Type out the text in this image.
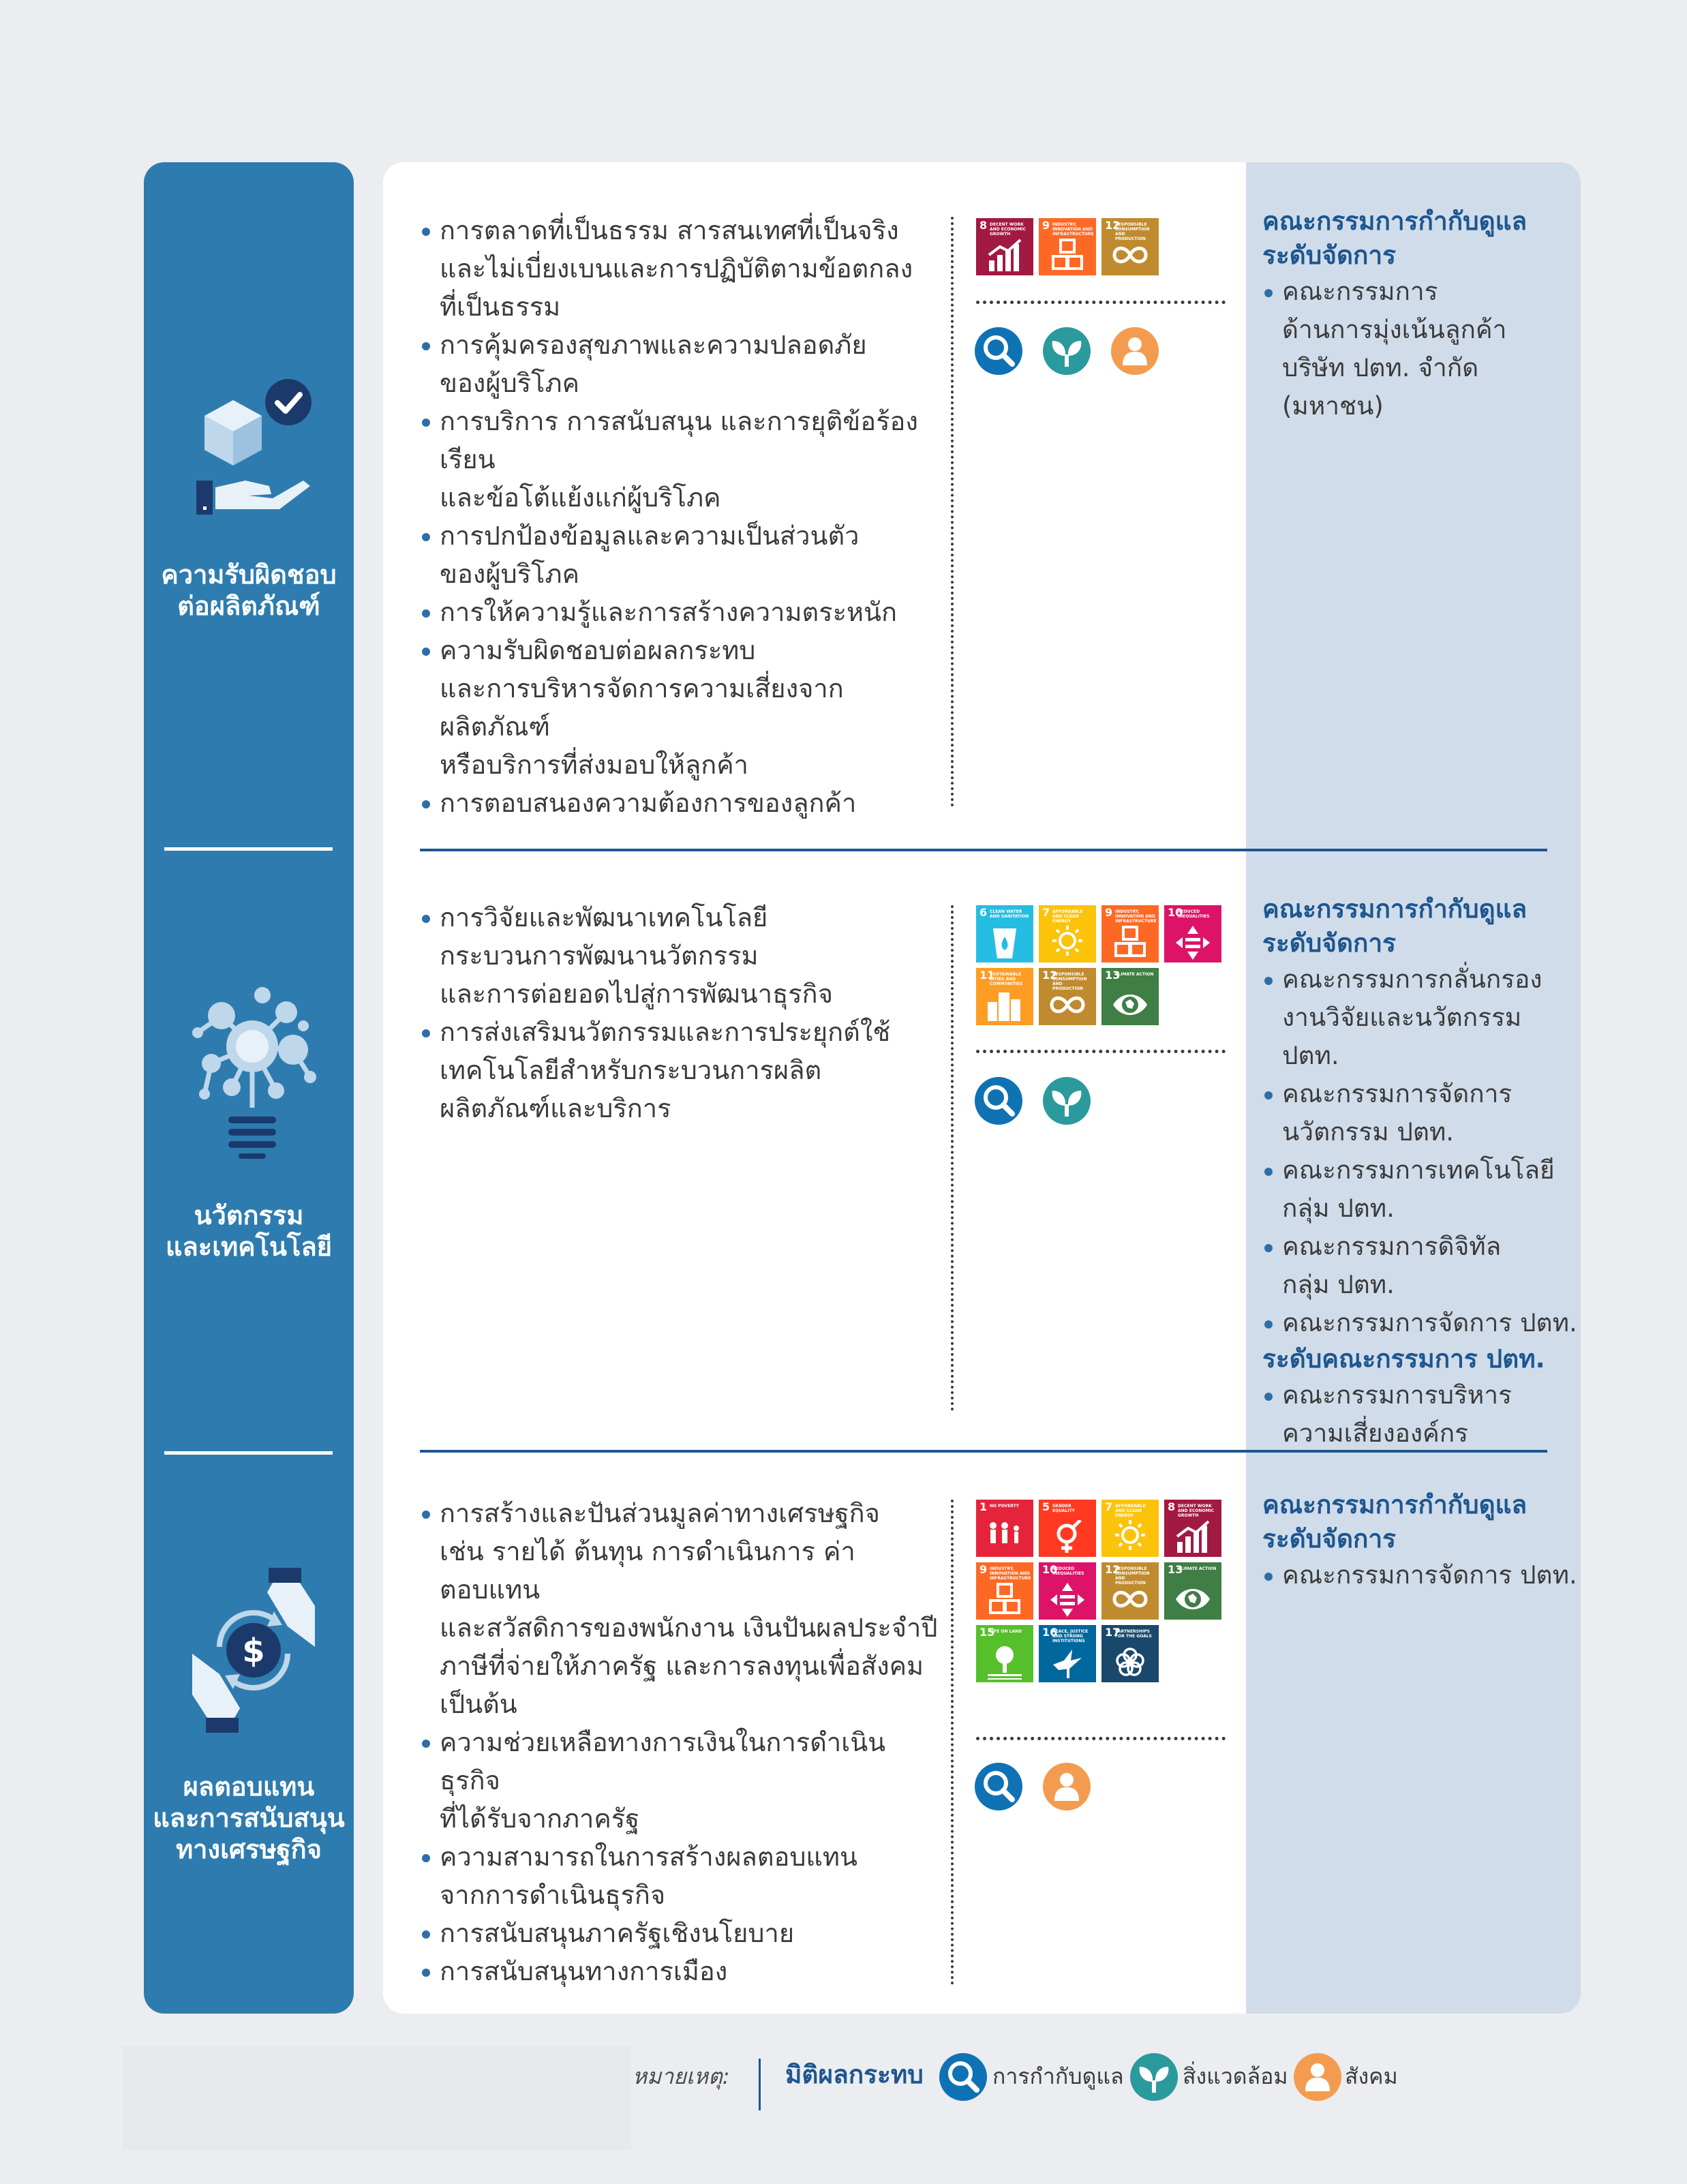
$
ความรับผิดชอบ
ต่อผลิตภัณฑ์
นวัตกรรม
และเทคโนโลยี
ผลตอบแทน
และการสนับสนุน
ทางเศรษฐกิจ
การตลาดที่เป็นธรรม สารสนเทศที่เป็นจริง
และไม่เบี่ยงเบนและการปฏิบัติตามข้อตกลง
ที่เป็นธรรม
การคุ้มครองสุขภาพและความปลอดภัย
ของผู้บริโภค
การบริการ การสนับสนุน และการยุติข้อร้องเรียน
และข้อโต้แย้งแก่ผู้บริโภค
การปกป้องข้อมูลและความเป็นส่วนตัว
ของผู้บริโภค
การให้ความรู้และการสร้างความตระหนัก
ความรับผิดชอบต่อผลกระทบ
และการบริหารจัดการความเสี่ยงจากผลิตภัณฑ์
หรือบริการที่ส่งมอบให้ลูกค้า
การตอบสนองความต้องการของลูกค้า
การวิจัยและพัฒนาเทคโนโลยี
กระบวนการพัฒนานวัตกรรม
และการต่อยอดไปสู่การพัฒนาธุรกิจ
การส่งเสริมนวัตกรรมและการประยุกต์ใช้
เทคโนโลยีสำหรับกระบวนการผลิต
ผลิตภัณฑ์และบริการ
การสร้างและปันส่วนมูลค่าทางเศรษฐกิจ
เช่น รายได้ ต้นทุน การดำเนินการ ค่าตอบแทน
และสวัสดิการของพนักงาน เงินปันผลประจำปี
ภาษีที่จ่ายให้ภาครัฐ และการลงทุนเพื่อสังคม
เป็นต้น
ความช่วยเหลือทางการเงินในการดำเนินธุรกิจ
ที่ได้รับจากภาครัฐ
ความสามารถในการสร้างผลตอบแทน
จากการดำเนินธุรกิจ
การสนับสนุนภาครัฐเชิงนโยบาย
การสนับสนุนทางการเมือง
8 DECENT WORK AND ECONOMIC GROWTH
9 INDUSTRY, INNOVATION AND INFRASTRUCTURE
12
RESPONSIBLE CONSUMPTION AND PRODUCTION
6 CLEAN WATER AND SANITATION 7 AFFORDABLE AND CLEAN ENERGY
9 INDUSTRY, INNOVATION AND INFRASTRUCTURE
10
REDUCED INEQUALITIES
11
SUSTAINABLE CITIES AND COMMUNITIES
12
RESPONSIBLE CONSUMPTION AND PRODUCTION
13
CLIMATE ACTION
1 NO POVERTY	5 GENDER EQUALITY	7 AFFORDABLE AND CLEAN ENERGY
8 DECENT WORK AND ECONOMIC GROWTH
9 INDUSTRY, INNOVATION AND INFRASTRUCTURE
10
REDUCED INEQUALITIES	12
RESPONSIBLE CONSUMPTION AND PRODUCTION
13
CLIMATE ACTION
15
LIFE ON LAND	16
PEACE, JUSTICE AND STRONG INSTITUTIONS
17
PARTNERSHIPS FOR THE GOALS
คณะกรรมการกำกับดูแล
ระดับจัดการ
คณะกรรมการ
ด้านการมุ่งเน้นลูกค้า
บริษัท ปตท. จำกัด (มหาชน)
คณะกรรมการกำกับดูแล
ระดับจัดการ
คณะกรรมการกลั่นกรอง
งานวิจัยและนวัตกรรม ปตท.
คณะกรรมการจัดการ
นวัตกรรม ปตท.
คณะกรรมการเทคโนโลยี
กลุ่ม ปตท.
คณะกรรมการดิจิทัล
กลุ่ม ปตท.
คณะกรรมการจัดการ ปตท.
ระดับคณะกรรมการ ปตท.
คณะกรรมการบริหาร
ความเสี่ยงองค์กร
คณะกรรมการกำกับดูแล
ระดับจัดการ
คณะกรรมการจัดการ ปตท.
หมายเหตุ: มิติผลกระทบ	การกำกับดูแล	สิ่งแวดล้อม	สังคม
